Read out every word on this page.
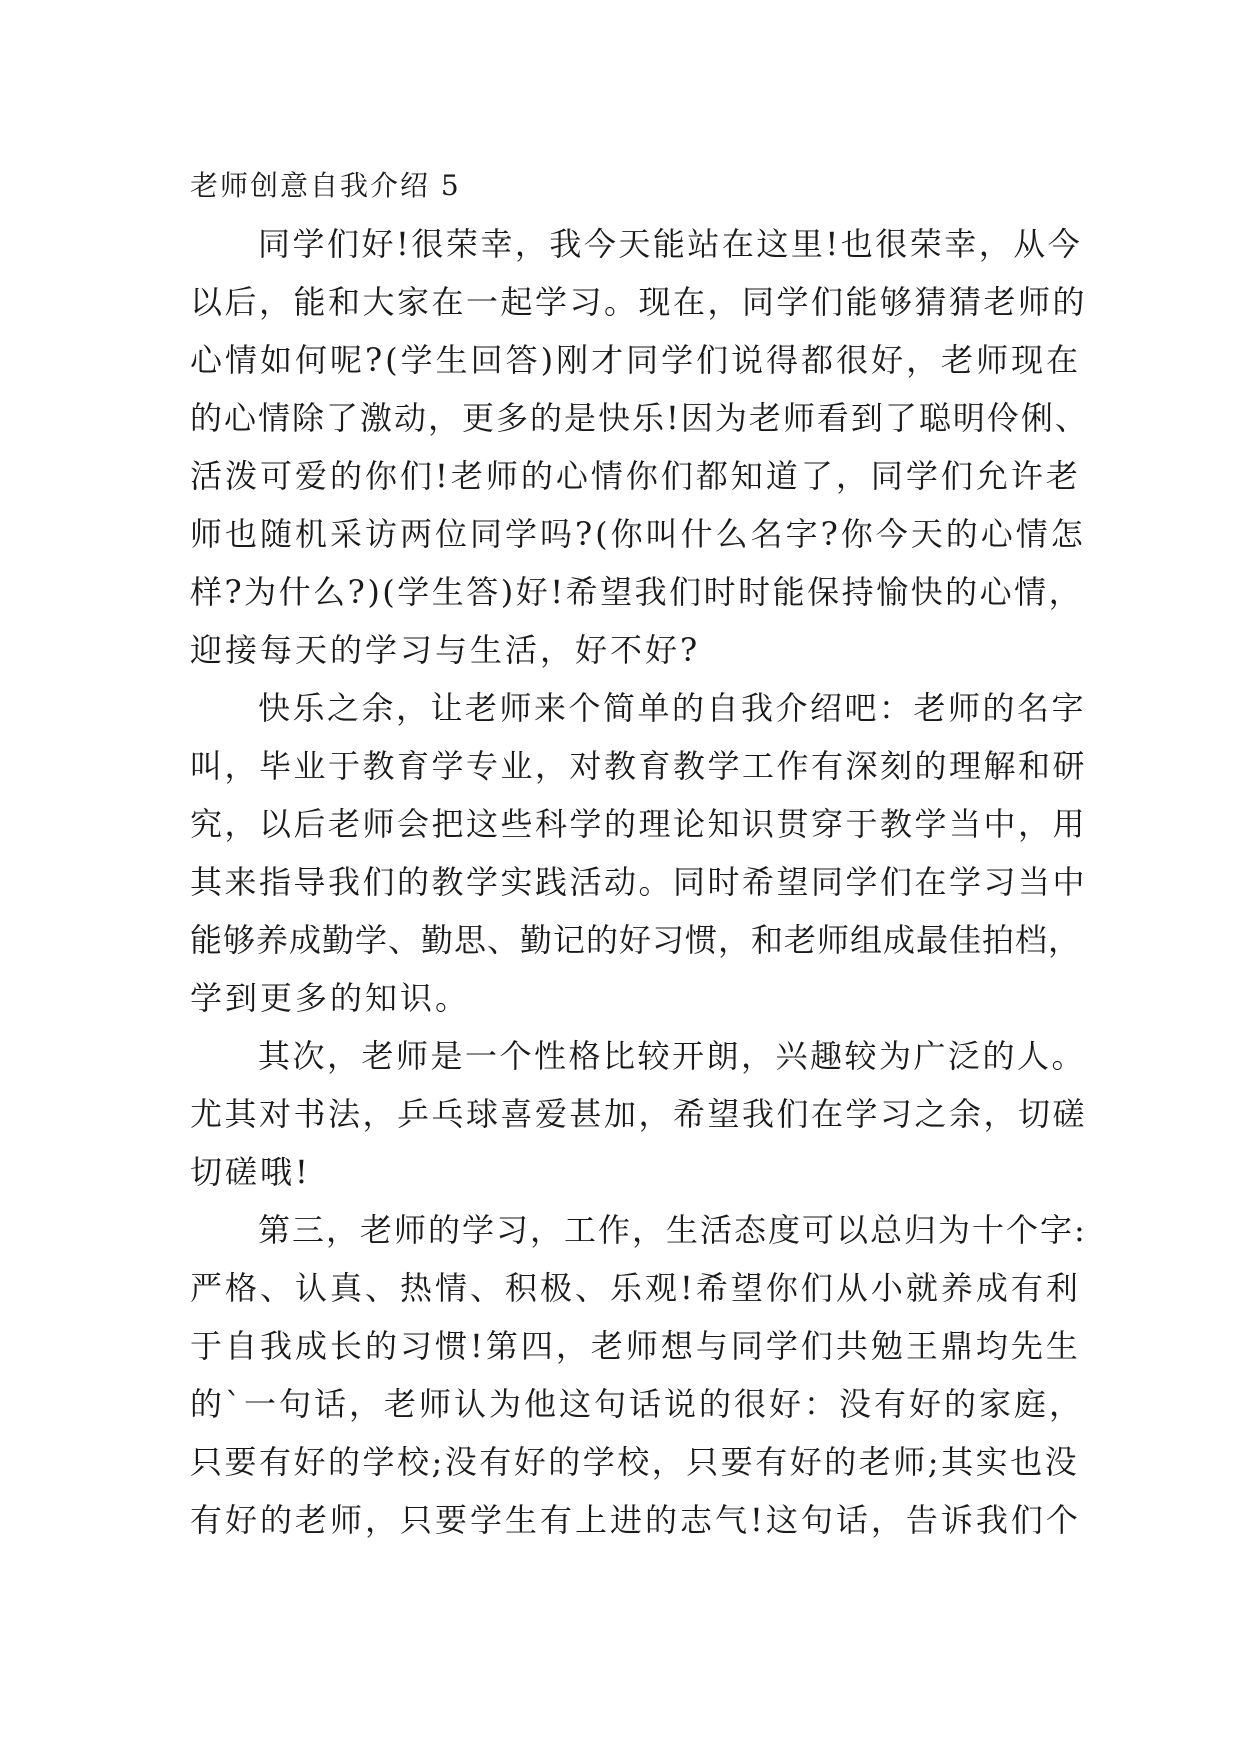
老师创意自我介绍 5
同学们好!很荣幸，我今天能站在这里!也很荣幸，从今
以后，能和大家在一起学习。现在，同学们能够猜猜老师的
心情如何呢?(学生回答)刚才同学们说得都很好，老师现在
的心情除了激动，更多的是快乐!因为老师看到了聪明伶俐、
活泼可爱的你们!老师的心情你们都知道了，同学们允许老
师也随机采访两位同学吗?(你叫什么名字?你今天的心情怎
样?为什么?)(学生答)好!希望我们时时能保持愉快的心情，
迎接每天的学习与生活，好不好?
快乐之余，让老师来个简单的自我介绍吧：老师的名字
叫，毕业于教育学专业，对教育教学工作有深刻的理解和研
究，以后老师会把这些科学的理论知识贯穿于教学当中，用
其来指导我们的教学实践活动。同时希望同学们在学习当中
能够养成勤学、勤思、勤记的好习惯，和老师组成最佳拍档，
学到更多的知识。
其次，老师是一个性格比较开朗，兴趣较为广泛的人。
尤其对书法，乒乓球喜爱甚加，希望我们在学习之余，切磋
切磋哦!
第三，老师的学习，工作，生活态度可以总归为十个字:
严格、认真、热情、积极、乐观!希望你们从小就养成有利
于自我成长的习惯!第四，老师想与同学们共勉王鼎均先生
的`一句话，老师认为他这句话说的很好：没有好的家庭，
只要有好的学校;没有好的学校，只要有好的老师;其实也没
有好的老师，只要学生有上进的志气!这句话，告诉我们个
